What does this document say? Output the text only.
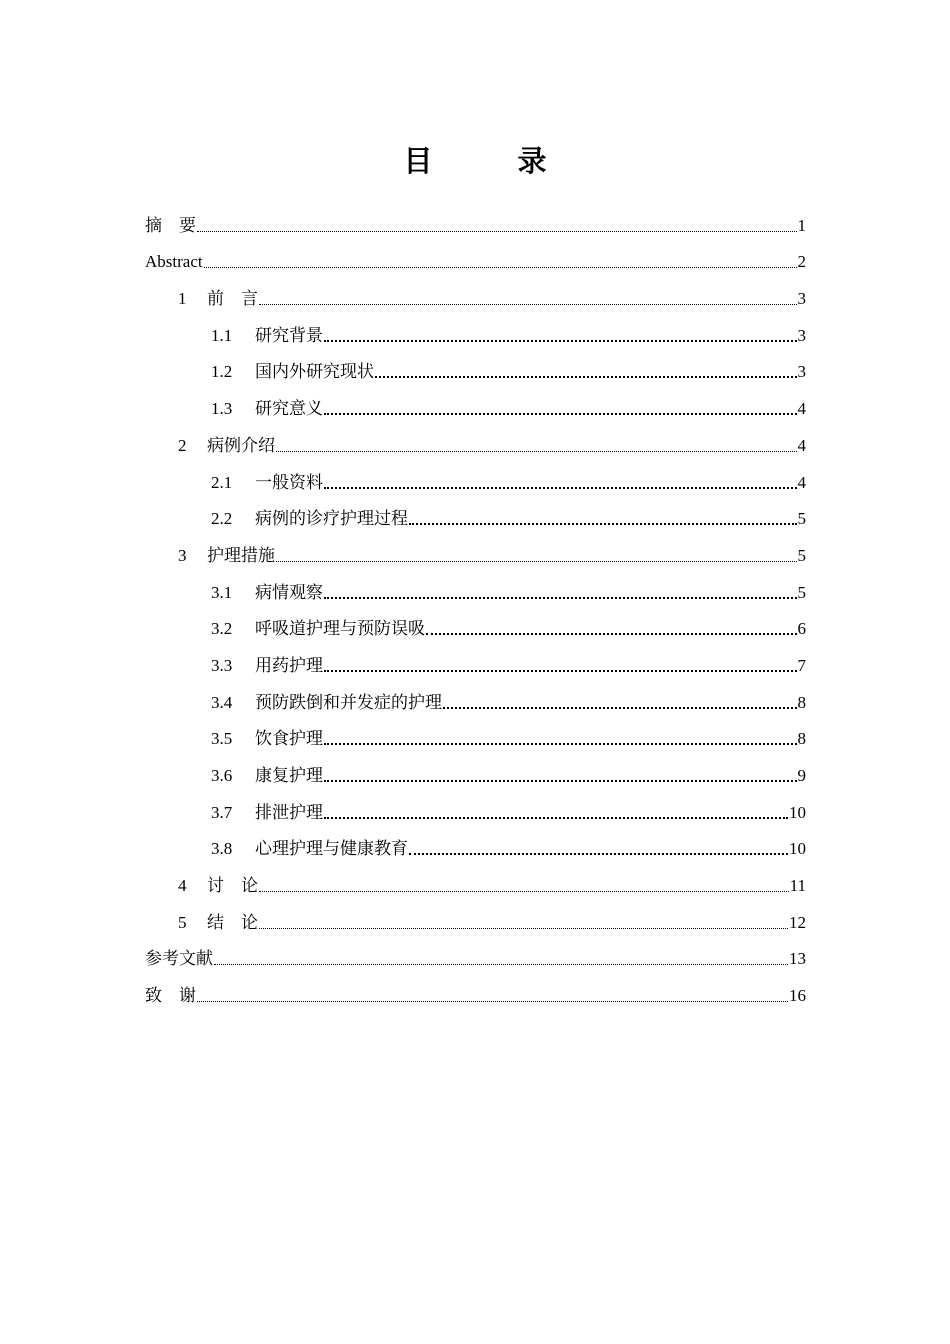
目　录
摘　要	1
Abstract	2
1	前　言	3
1.1	研究背景	3
1.2	国内外研究现状	3
1.3	研究意义	4
2	病例介绍	4
2.1	一般资料	4
2.2	病例的诊疗护理过程	5
3	护理措施	5
3.1	病情观察	5
3.2	呼吸道护理与预防误吸	6
3.3	用药护理	7
3.4	预防跌倒和并发症的护理	8
3.5	饮食护理	8
3.6	康复护理	9
3.7	排泄护理	10
3.8	心理护理与健康教育	10
4	讨　论	11
5	结　论	12
参考文献	13
致　谢	16
